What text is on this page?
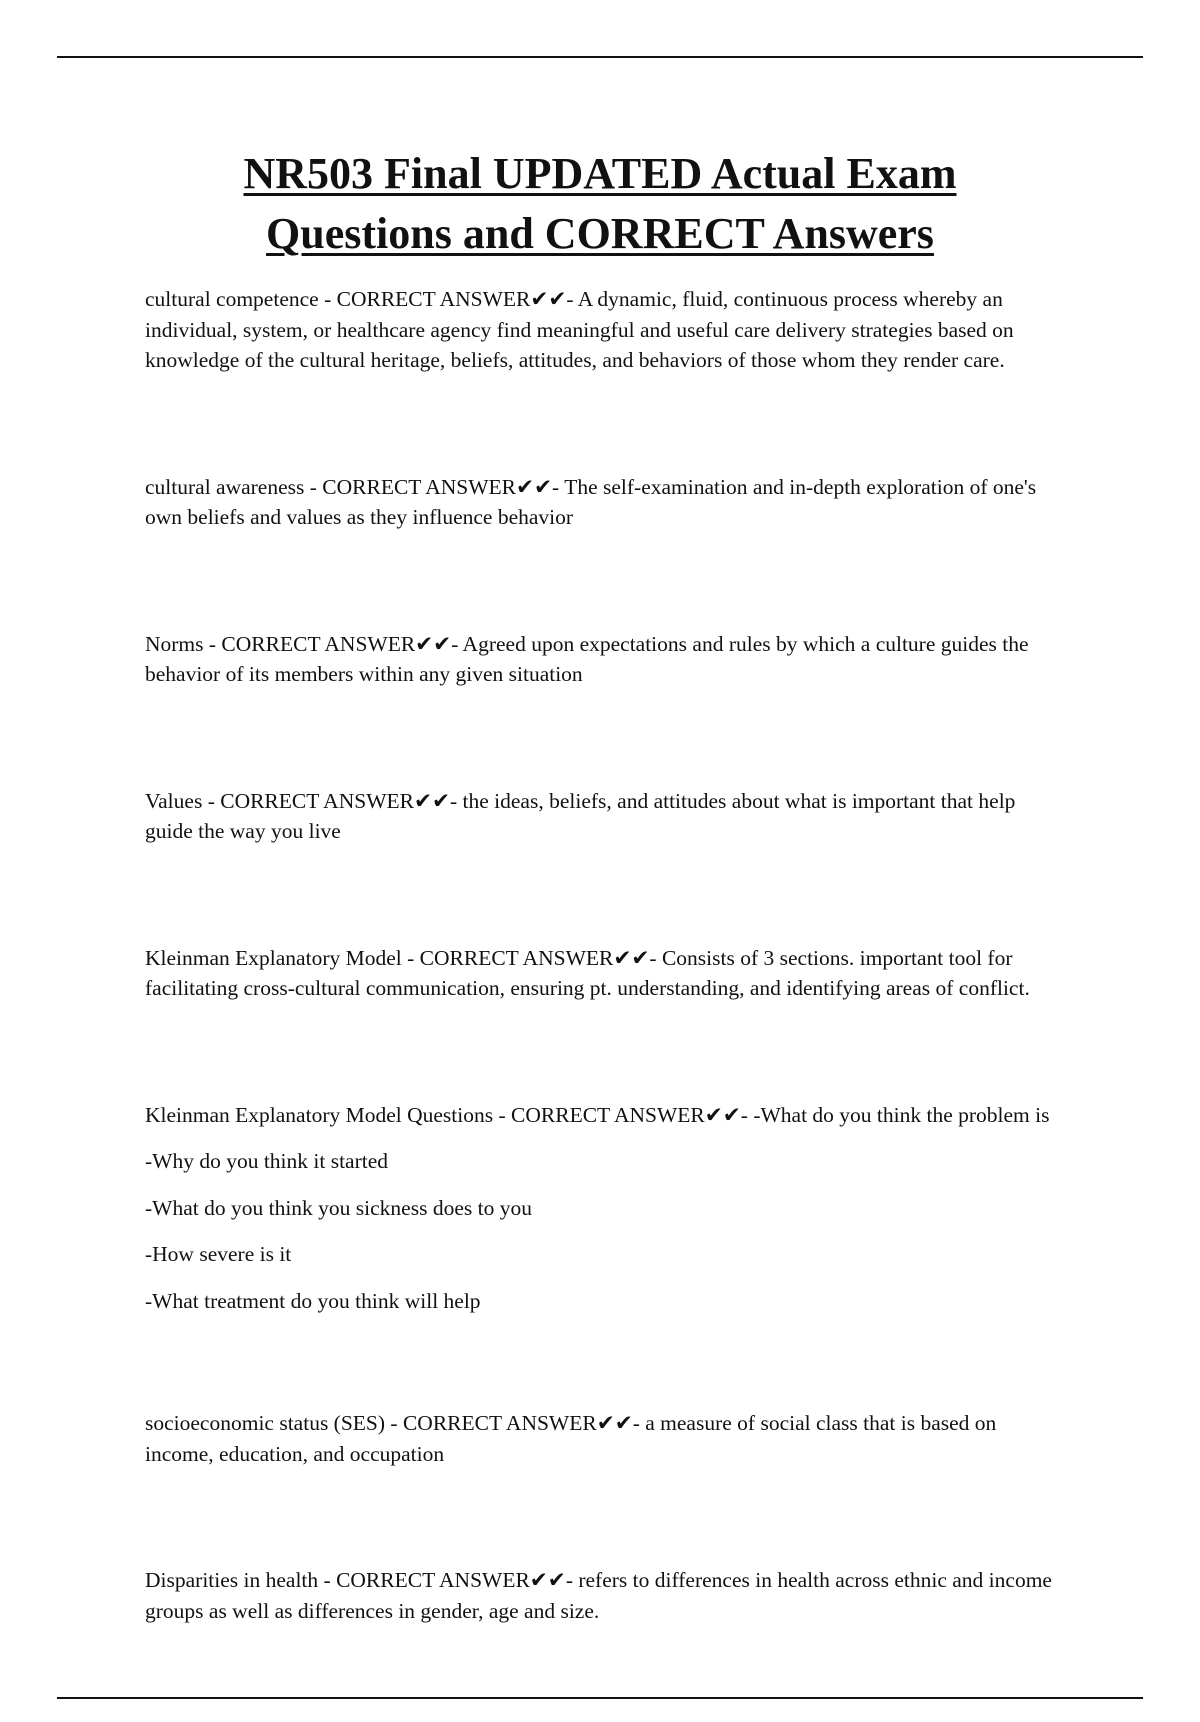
NR503 Final UPDATED Actual Exam
Questions and CORRECT Answers

cultural competence - CORRECT ANSWER✔✔- A dynamic, fluid, continuous process whereby an individual, system, or healthcare agency find meaningful and useful care delivery strategies based on knowledge of the cultural heritage, beliefs, attitudes, and behaviors of those whom they render care.

cultural awareness - CORRECT ANSWER✔✔- The self-examination and in-depth exploration of one's own beliefs and values as they influence behavior

Norms - CORRECT ANSWER✔✔- Agreed upon expectations and rules by which a culture guides the behavior of its members within any given situation

Values - CORRECT ANSWER✔✔- the ideas, beliefs, and attitudes about what is important that help guide the way you live

Kleinman Explanatory Model - CORRECT ANSWER✔✔- Consists of 3 sections. important tool for facilitating cross-cultural communication, ensuring pt. understanding, and identifying areas of conflict.

Kleinman Explanatory Model Questions - CORRECT ANSWER✔✔- -What do you think the problem is

-Why do you think it started

-What do you think you sickness does to you

-How severe is it

-What treatment do you think will help

socioeconomic status (SES) - CORRECT ANSWER✔✔- a measure of social class that is based on income, education, and occupation

Disparities in health - CORRECT ANSWER✔✔- refers to differences in health across ethnic and income groups as well as differences in gender, age and size.
